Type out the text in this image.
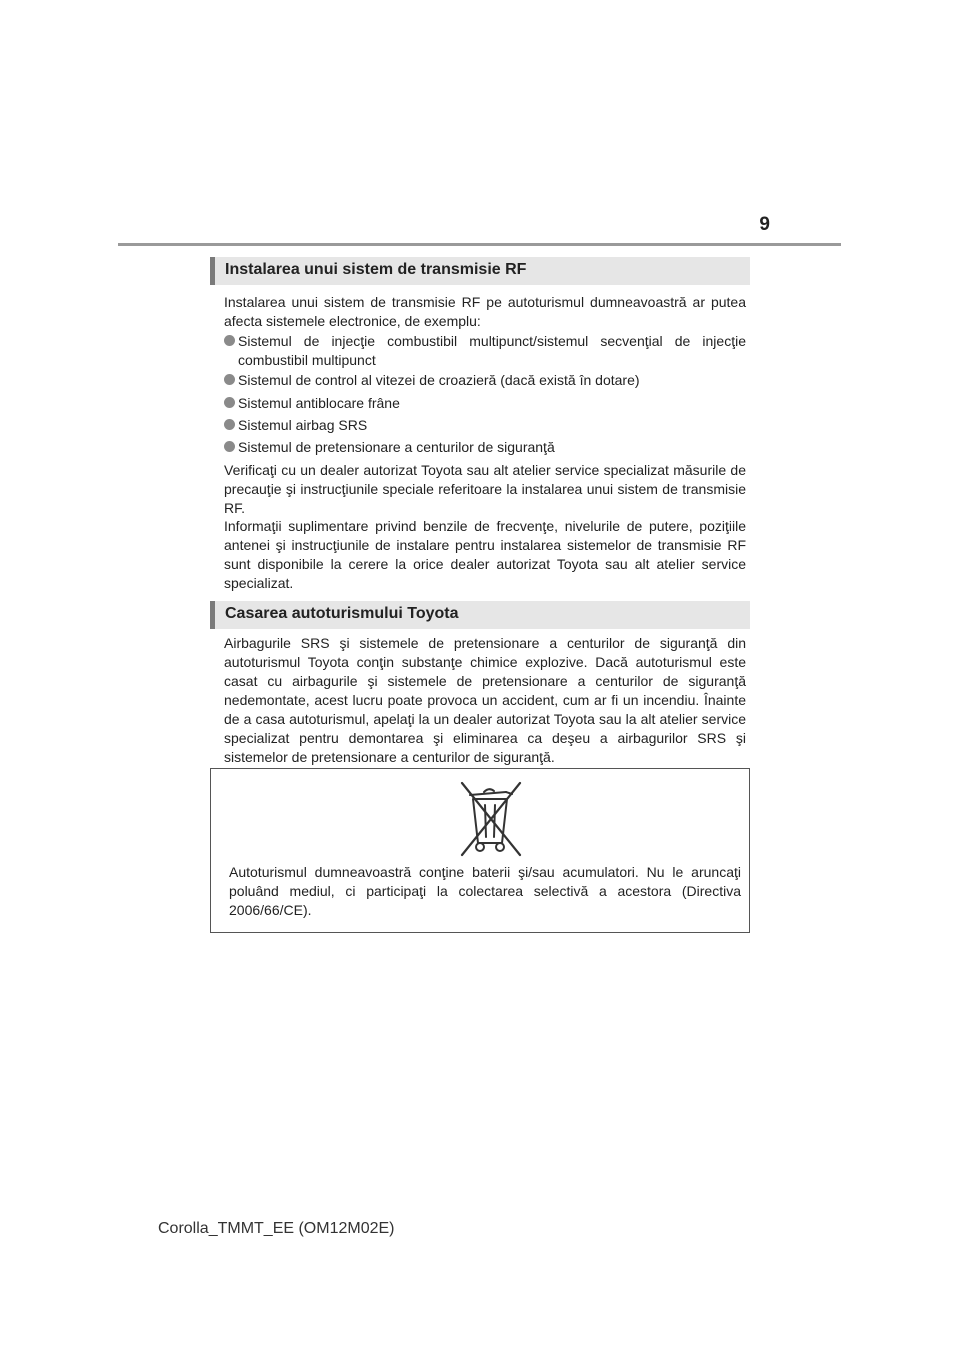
9
Instalarea unui sistem de transmisie RF

Instalarea unui sistem de transmisie RF pe autoturismul dumneavoastră ar putea afecta sistemele electronice, de exemplu:

Sistemul de injecţie combustibil multipunct/sistemul secvenţial de injecţie combustibil multipunct
Sistemul de control al vitezei de croazieră (dacă există în dotare)
Sistemul antiblocare frâne
Sistemul airbag SRS
Sistemul de pretensionare a centurilor de siguranţă

Verificaţi cu un dealer autorizat Toyota sau alt atelier service specializat măsurile de precauţie şi instrucţiunile speciale referitoare la instalarea unui sistem de transmisie RF.

Informaţii suplimentare privind benzile de frecvenţe, nivelurile de putere, poziţiile antenei şi instrucţiunile de instalare pentru instalarea sistemelor de transmisie RF sunt disponibile la cerere la orice dealer autorizat Toyota sau alt atelier service specializat.

Casarea autoturismului Toyota

Airbagurile SRS şi sistemele de pretensionare a centurilor de siguranţă din autoturismul Toyota conţin substanţe chimice explozive. Dacă autoturismul este casat cu airbagurile şi sistemele de pretensionare a centurilor de siguranţă nedemontate, acest lucru poate provoca un accident, cum ar fi un incendiu. Înainte de a casa autoturismul, apelaţi la un dealer autorizat Toyota sau la alt atelier service specializat pentru demontarea şi eliminarea ca deşeu a airbagurilor SRS şi sistemelor de pretensionare a centurilor de siguranţă.

Autoturismul dumneavoastră conţine baterii şi/sau acumulatori. Nu le aruncaţi poluând mediul, ci participaţi la colectarea selectivă a acestora (Directiva 2006/66/CE).

Corolla_TMMT_EE (OM12M02E)
